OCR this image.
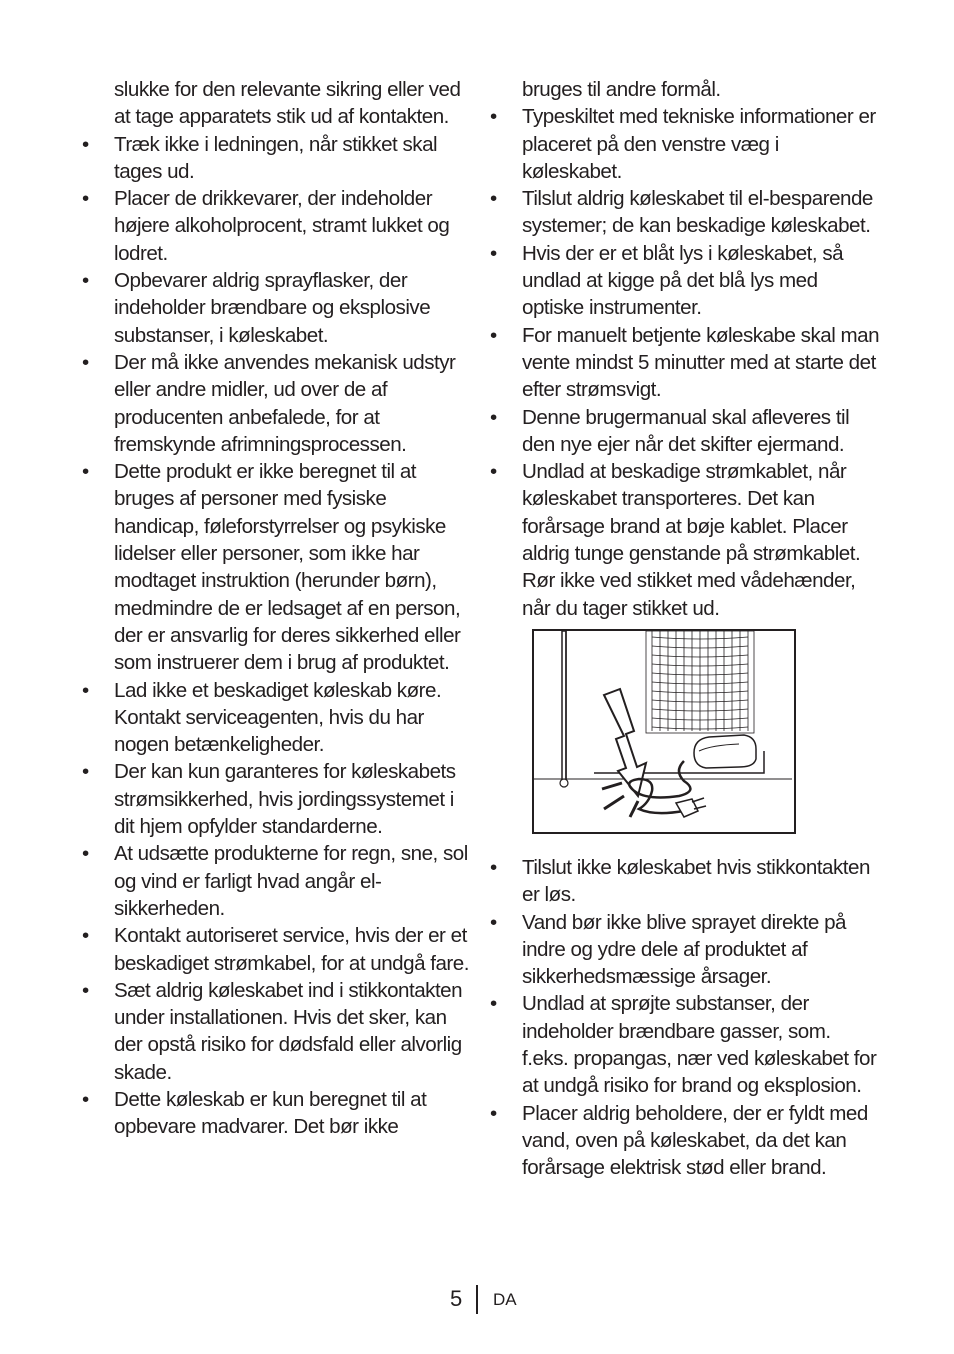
slukke for den relevante sikring eller ved at tage apparatets stik ud af kontakten.

•	Træk ikke i ledningen, når stikket skal tages ud.

•	Placer de drikkevarer, der indeholder højere alkoholprocent, stramt lukket og lodret.

•	Opbevarer aldrig sprayflasker, der indeholder brændbare og eksplosive substanser, i køleskabet.

•	Der må ikke anvendes mekanisk udstyr eller andre midler, ud over de af producenten anbefalede, for at fremskynde afrimningsprocessen.

•	Dette produkt er ikke beregnet til at bruges af personer med fysiske handicap, føleforstyrrelser og psykiske lidelser eller personer, som ikke har modtaget instruktion (herunder børn), medmindre de er ledsaget af en person, der er ansvarlig for deres sikkerhed eller som instruerer dem i brug af produktet.

•	Lad ikke et beskadiget køleskab køre. Kontakt serviceagenten, hvis du har nogen betænkeligheder.

•	Der kan kun garanteres for køleskabets strømsikkerhed, hvis jordingssystemet i dit hjem opfylder standarderne.

•	At udsætte produkterne for regn, sne, sol og vind er farligt hvad angår el-sikkerheden.

•	Kontakt autoriseret service, hvis der er et beskadiget strømkabel, for at undgå fare.

•	Sæt aldrig køleskabet ind i stikkontakten under installationen. Hvis det sker, kan der opstå risiko for dødsfald eller alvorlig skade.

•	Dette køleskab er kun beregnet til at opbevare madvarer. Det bør ikke

bruges til andre formål.

•	Typeskiltet med tekniske informationer er placeret på den venstre væg i køleskabet.

•	Tilslut aldrig køleskabet til el-besparende systemer; de kan beskadige køleskabet.

•	Hvis der er et blåt lys i køleskabet, så undlad at kigge på det blå lys med optiske instrumenter.

•	For manuelt betjente køleskabe skal man vente mindst 5 minutter med at starte det efter strømsvigt.

•	Denne brugermanual skal afleveres til den nye ejer når det skifter ejermand.

•	Undlad at beskadige strømkablet, når køleskabet transporteres. Det kan forårsage brand at bøje kablet. Placer aldrig tunge genstande på strømkablet. Rør ikke ved stikket med vådehænder, når du tager stikket ud.

•	Tilslut ikke køleskabet hvis stikkontakten er løs.

•	Vand bør ikke blive sprayet direkte på indre og ydre dele af produktet af sikkerhedsmæssige årsager.

•	Undlad at sprøjte substanser, der indeholder brændbare gasser, som. f.eks. propangas, nær ved køleskabet for at undgå risiko for brand og eksplosion.

•	Placer aldrig beholdere, der er fyldt med vand, oven på køleskabet, da det kan forårsage elektrisk stød eller brand.

5 DA
